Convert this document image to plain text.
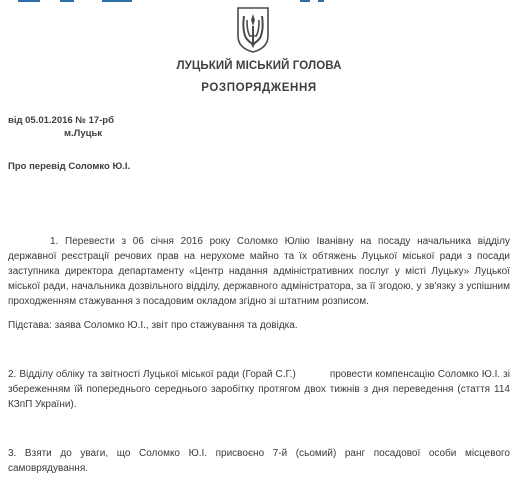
ЛУЦЬКИЙ МІСЬКИЙ ГОЛОВА
РОЗПОРЯДЖЕННЯ
від 05.01.2016 № 17-рб
м.Луцьк
Про перевід Соломко Ю.І.
1. Перевести з 06 січня 2016 року Соломко Юлію Іванівну на посаду начальника відділу державної реєстрації речових прав на нерухоме майно та їх обтяжень Луцької міської ради з посади заступника директора департаменту «Центр надання адміністративних послуг у місті Луцьку» Луцької міської ради, начальника дозвільного відділу, державного адміністратора, за її згодою, у зв'язку з успішним проходженням стажування з посадовим окладом згідно зі штатним розписом.
Підстава: заява Соломко Ю.І., звіт про стажування та довідка.
2. Відділу обліку та звітності Луцької міської ради (Горай С.Г.)	провести компенсацію Соломко Ю.І. зі збереженням їй попереднього середнього заробітку протягом двох тижнів з дня переведення (стаття 114 КЗпП України).
3. Взяти до уваги, що Соломко Ю.І. присвоєно 7-й (сьомий) ранг посадової особи місцевого самоврядування.
